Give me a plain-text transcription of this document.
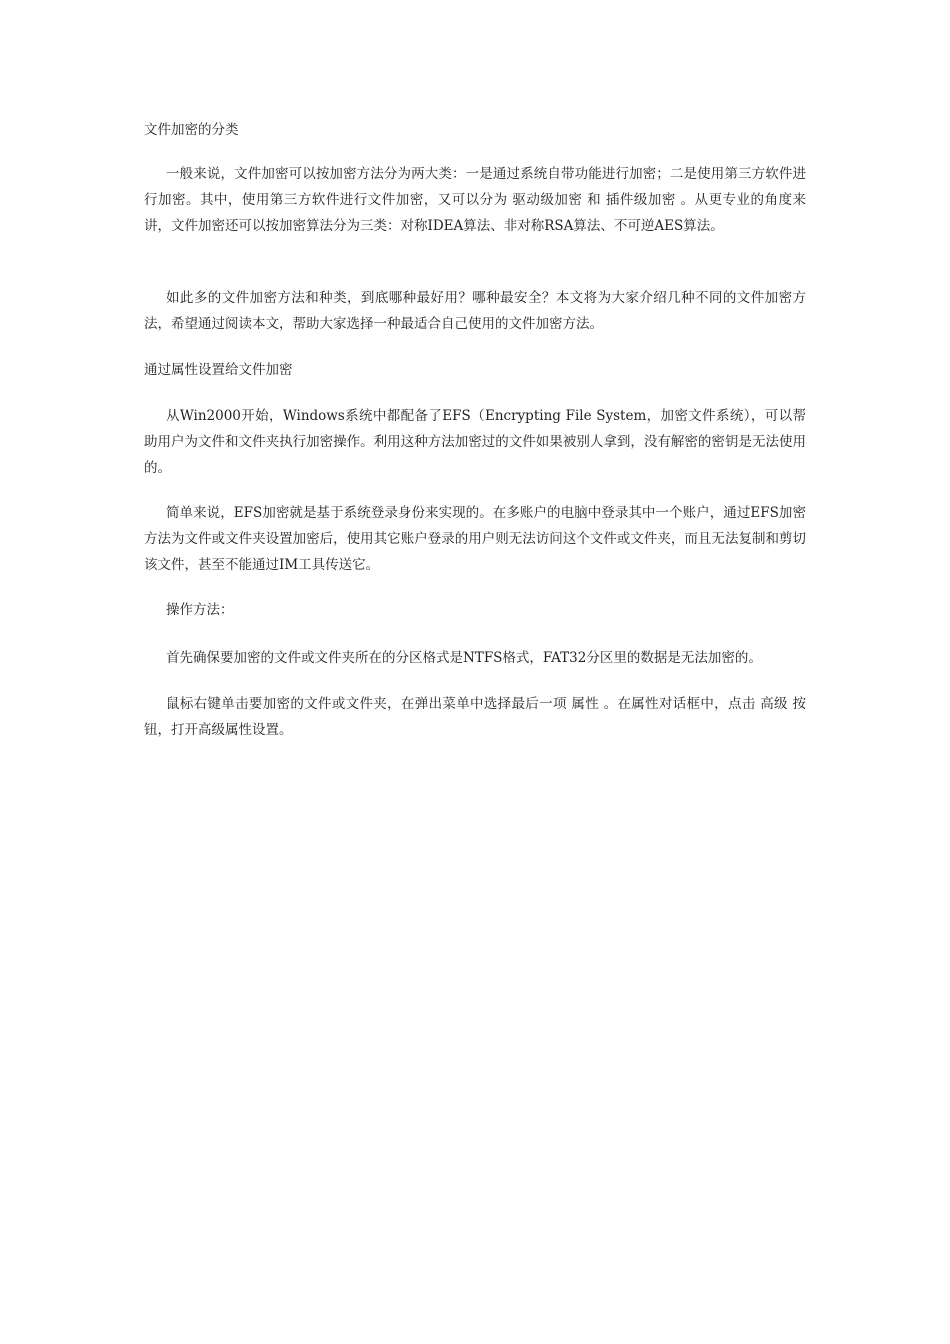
文件加密的分类

一般来说，文件加密可以按加密方法分为两大类：一是通过系统自带功能进行加密；二是使用第三方软件进行加密。其中，使用第三方软件进行文件加密，又可以分为 驱动级加密 和 插件级加密 。从更专业的角度来讲，文件加密还可以按加密算法分为三类：对称IDEA算法、非对称RSA算法、不可逆AES算法。

如此多的文件加密方法和种类，到底哪种最好用？哪种最安全？本文将为大家介绍几种不同的文件加密方法，希望通过阅读本文，帮助大家选择一种最适合自己使用的文件加密方法。

通过属性设置给文件加密

从Win2000开始，Windows系统中都配备了EFS（Encrypting File System，加密文件系统），可以帮助用户为文件和文件夹执行加密操作。利用这种方法加密过的文件如果被别人拿到，没有解密的密钥是无法使用的。

简单来说，EFS加密就是基于系统登录身份来实现的。在多账户的电脑中登录其中一个账户，通过EFS加密方法为文件或文件夹设置加密后，使用其它账户登录的用户则无法访问这个文件或文件夹，而且无法复制和剪切该文件，甚至不能通过IM工具传送它。

操作方法：

首先确保要加密的文件或文件夹所在的分区格式是NTFS格式，FAT32分区里的数据是无法加密的。

鼠标右键单击要加密的文件或文件夹，在弹出菜单中选择最后一项 属性 。在属性对话框中，点击 高级 按钮，打开高级属性设置。
